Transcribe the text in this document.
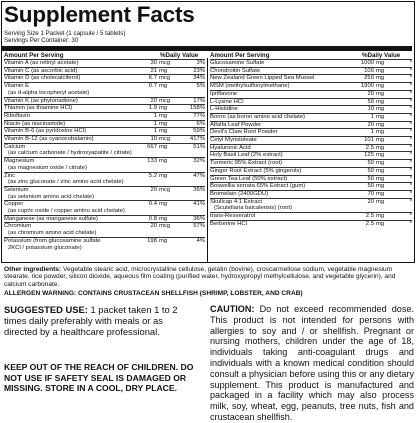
Supplement Facts
Serving Size 1 Packet (1 capsule / 5 tablets)
Servings Per Container: 30
Amount Per Serving	%Daily Value Amount Per Serving	%Daily Value
Vitamin A (as retinyl acetate)	30 mcg	3%
Vitamin C (as ascorbic acid)	21 mg	23%
Vitamin D (as cholecalciferol)	6.7 mcg	34%
Vitamin E	0.7 mg	5%
(as d-alpha tocopheryl acetate)
Vitamin K (as phytonadione)	20 mcg	17%
Thiamin (as thiamine HCl)	1.9 mg	158%
Riboflavin	1 mg	77%
Niacin (as niacinamide)	1 mg	6%
Vitamin B-6 (as pyridoxine HCl)	1 mg	59%
Vitamin B-12 (as cyanocobalamin)	10 mcg	417%
Calcium	667 mg	51%
(as calcium carbonate / hydroxyapatite / citrate)
Magnesium	133 mg	32%
(as magnesium oxide / citrate)
Zinc	5.2 mg	47%
(as zinc gluconate / zinc amino acid chelate)
Selenium	20 mcg	36%
(as selenium amino acid chelate)
Copper	0.4 mg	41%
(as cupric oxide / copper amino acid chelate)
Manganese (as manganese sulfate)	0.8 mg	36%
Chromium	20 mcg	57%
(as chromium amino acid chelate)
Potassium (from glucosamine sulfate	198 mg	4%
2KCl / potassium gluconate)
Glucosamine Sulfate	1000 mg	*
Chondroitin Sulfate	100 mg	*
New Zealand Green Lipped Sea Mussel	250 mg	*
MSM (methylsulfonylmethane)	1900 mg	*
Ipriflavone	20 mg	*
L-Lysine HCl	50 mg	*
L-Histidine	10 mg	*
Boron (as boron amino acid chelate)	1 mg	*
Alfalfa Leaf Powder	20 mg	*
Devil's Claw Root Powder	1 mg	*
Cetyl Myristoleate	101 mg	*
Hyaluronic Acid	2.5 mg	*
Holy Basil Leaf (2% extract)	125 mg	*
Turmeric 95% Extract (root)	50 mg	*
Ginger Root Extract (5% gingerols)	50 mg	*
Green Tea Leaf (50% extract)	50 mg	*
Boswellia serrata 65% Extract (gum)	50 mg	*
Bromelain (2400GDU)	70 mg	*
Skullcap 4:1 Extract	20 mg	*
(Scutellaria baicalensis) (root)
trans-Resveratrol	2.5 mg	*
Berberine HCl	2.5 mg	*
Other ingredients: Vegetable stearic acid, microcrystalline cellulose, gelatin (bovine), croscarmellose sodium, vegetable magnesium stearate, rice powder, silicon dioxide, aqueous film coating (purified water, hydroxypropyl methylcellulose, and vegetable glycerin), and calcium carbonate.
ALLERGEN WARNING: CONTAINS CRUSTACEAN SHELLFISH (SHRIMP, LOBSTER, AND CRAB)
SUGGESTED USE: 1 packet taken 1 to 2 times daily preferably with meals or as directed by a healthcare professional.
KEEP OUT OF THE REACH OF CHILDREN. DO NOT USE IF SAFETY SEAL IS DAMAGED OR MISSING. STORE IN A COOL, DRY PLACE.
CAUTION: Do not exceed recommended dose. This product is not intended for persons with allergies to soy and / or shellfish. Pregnant or nursing mothers, children under the age of 18, individuals taking anti-coagulant drugs and individuals with a known medical condition should consult a physician before using this or any dietary supplement. This product is manufactured and packaged in a facility which may also process milk, soy, wheat, egg, peanuts, tree nuts, fish and crustacean shellfish.
